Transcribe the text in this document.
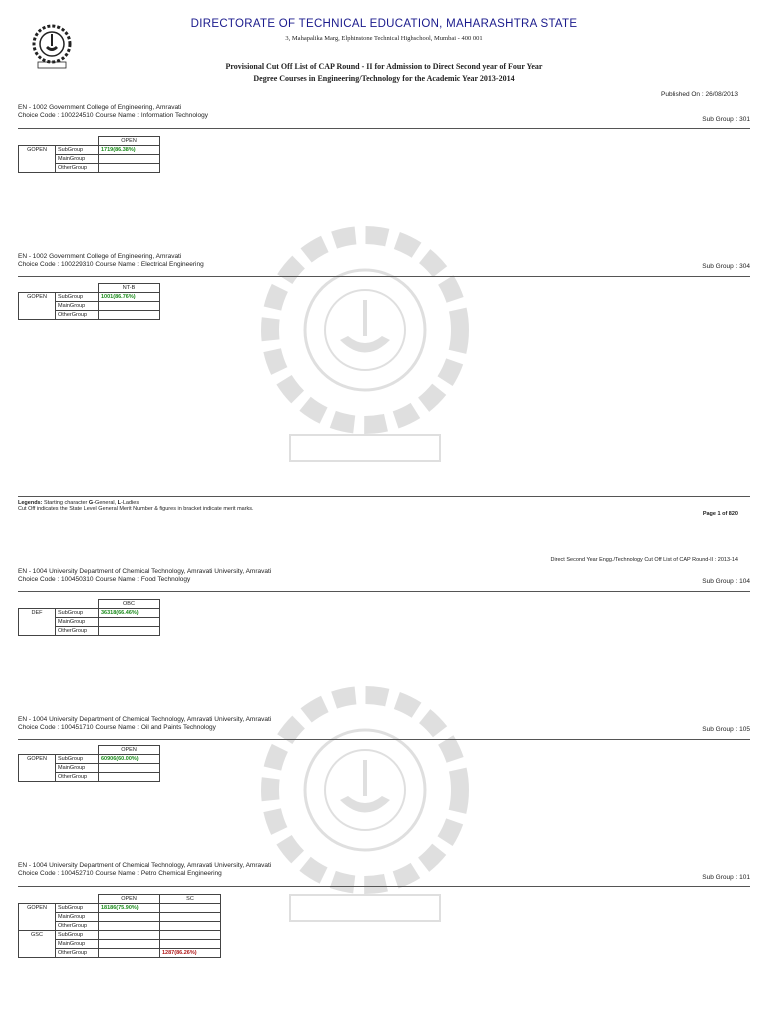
DIRECTORATE OF TECHNICAL EDUCATION, MAHARASHTRA STATE
3, Mahapalika Marg, Elphinstone Technical Highschool, Mumbai - 400 001
Provisional Cut Off List of CAP Round - II for Admission to Direct Second year of Four Year
Degree Courses in Engineering/Technology for the Academic Year 2013-2014
Published On : 26/08/2013
EN - 1002 Government College of Engineering, Amravati
Choice Code : 100224510 Course Name : Information Technology
Sub Group : 301
		OPEN
GOPEN	SubGroup	1719(86.38%)
	MainGroup	
	OtherGroup	
EN - 1002 Government College of Engineering, Amravati
Choice Code : 100229310 Course Name : Electrical Engineering	Sub Group : 304
		NT-B
GOPEN	SubGroup	1001(86.76%)
	MainGroup	
	OtherGroup	
Legends: Starting character G-General, L-Ladies
Cut Off indicates the State Level General Merit Number & figures in bracket indicate merit marks.
Page 1 of 820
Direct Second Year Engg./Technology Cut Off List of CAP Round-II : 2013-14
EN - 1004 University Department of Chemical Technology, Amravati University, Amravati
Choice Code : 100450310 Course Name : Food Technology	Sub Group : 104
		OBC
DEF	SubGroup	36318(66.46%)
	MainGroup	
	OtherGroup	
EN - 1004 University Department of Chemical Technology, Amravati University, Amravati
Choice Code : 100451710 Course Name : Oil and Paints Technology	Sub Group : 105
		OPEN
GOPEN	SubGroup	60906(60.00%)
	MainGroup	
	OtherGroup	
EN - 1004 University Department of Chemical Technology, Amravati University, Amravati
Choice Code : 100452710 Course Name : Petro Chemical Engineering
Sub Group : 101
		OPEN	SC
GOPEN	SubGroup	18186(75.90%)	
	MainGroup		
	OtherGroup		
GSC	SubGroup		
	MainGroup		
	OtherGroup		1287(86.26%)
